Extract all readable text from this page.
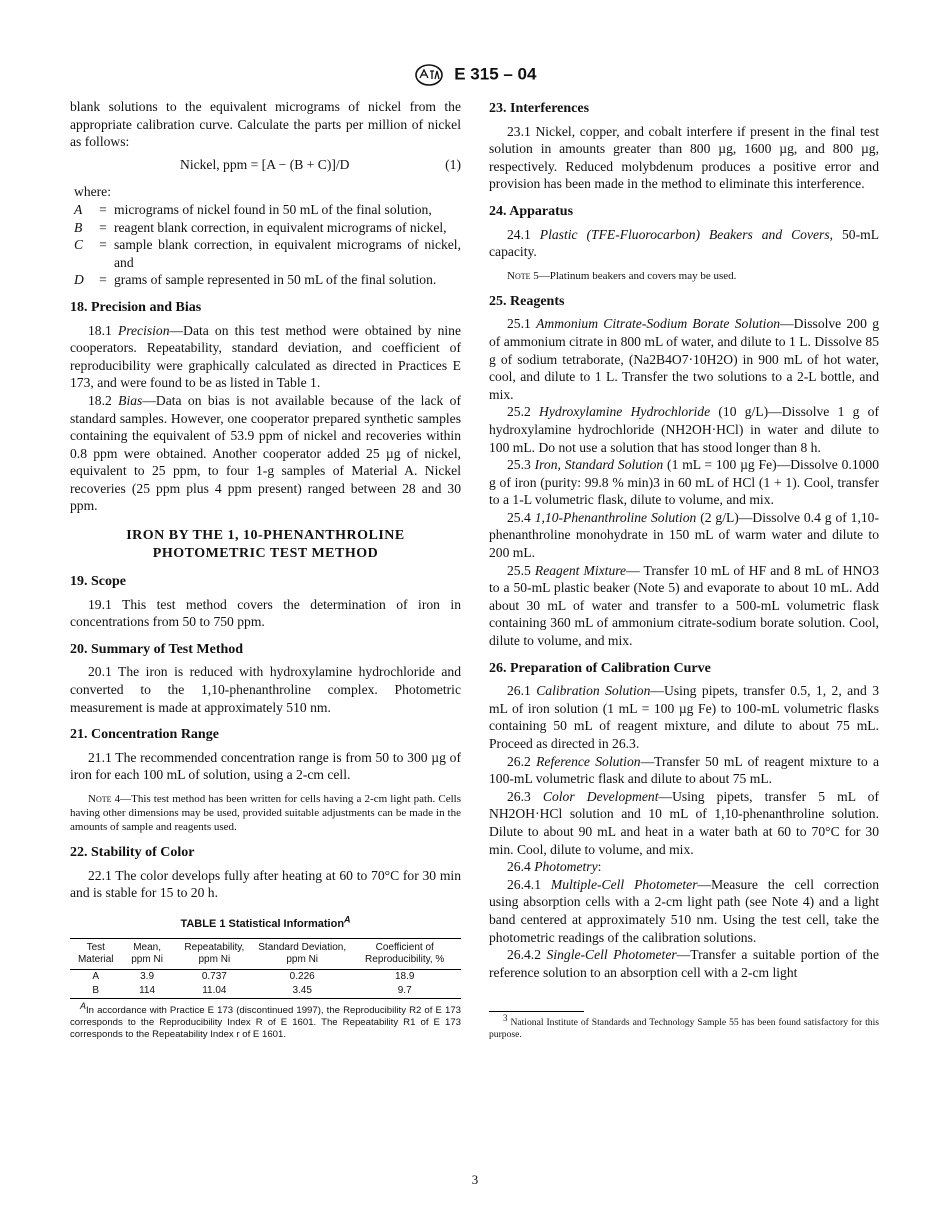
E 315 – 04

blank solutions to the equivalent micrograms of nickel from the appropriate calibration curve. Calculate the parts per million of nickel as follows:

Nickel, ppm = [A − (B + C)]/D	(1)
where:
A	= micrograms of nickel found in 50 mL of the final solution,
B	= reagent blank correction, in equivalent micrograms of nickel,
C	= sample blank correction, in equivalent micrograms of nickel, and
D	= grams of sample represented in 50 mL of the final solution.
18. Precision and Bias

18.1 Precision—Data on this test method were obtained by nine cooperators. Repeatability, standard deviation, and coefficient of reproducibility were graphically calculated as directed in Practices E 173, and were found to be as listed in Table 1.

18.2 Bias—Data on bias is not available because of the lack of standard samples. However, one cooperator prepared synthetic samples containing the equivalent of 53.9 ppm of nickel and recoveries within 0.8 ppm were obtained. Another cooperator added 25 µg of nickel, equivalent to 25 ppm, to four 1-g samples of Material A. Nickel recoveries (25 ppm plus 4 ppm present) ranged between 28 and 30 ppm.

IRON BY THE 1, 10-PHENANTHROLINE
PHOTOMETRIC TEST METHOD
19. Scope

19.1 This test method covers the determination of iron in concentrations from 50 to 750 ppm.

20. Summary of Test Method

20.1 The iron is reduced with hydroxylamine hydrochloride and converted to the 1,10-phenanthroline complex. Photometric measurement is made at approximately 510 nm.

21. Concentration Range

21.1 The recommended concentration range is from 50 to 300 µg of iron for each 100 mL of solution, using a 2-cm cell.

Note 4—This test method has been written for cells having a 2-cm light path. Cells having other dimensions may be used, provided suitable adjustments can be made in the amounts of sample and reagents used.
22. Stability of Color

22.1 The color develops fully after heating at 60 to 70°C for 30 min and is stable for 15 to 20 h.

TABLE 1 Statistical Information$^A$
Test Material	Mean, ppm Ni	Repeatability, ppm Ni	Standard Deviation, ppm Ni	Coefficient of Reproducibility, %
A	3.9	0.737	0.226	18.9
B	114	11.04	3.45	9.7
$^A$In accordance with Practice E 173 (discontinued 1997), the Reproducibility R2 of E 173 corresponds to the Reproducibility Index R of E 1601. The Repeatability R1 of E 173 corresponds to the Repeatability Index r of E 1601.
23. Interferences

23.1 Nickel, copper, and cobalt interfere if present in the final test solution in amounts greater than 800 µg, 1600 µg, and 800 µg, respectively. Reduced molybdenum produces a positive error and provision has been made in the method to eliminate this interference.

24. Apparatus

24.1 Plastic (TFE-Fluorocarbon) Beakers and Covers, 50-mL capacity.

Note 5—Platinum beakers and covers may be used.
25. Reagents

25.1 Ammonium Citrate-Sodium Borate Solution—Dissolve 200 g of ammonium citrate in 800 mL of water, and dilute to 1 L. Dissolve 85 g of sodium tetraborate, (Na2B4O7·10H2O) in 900 mL of hot water, cool, and dilute to 1 L. Transfer the two solutions to a 2-L bottle, and mix.

25.2 Hydroxylamine Hydrochloride (10 g/L)—Dissolve 1 g of hydroxylamine hydrochloride (NH2OH·HCl) in water and dilute to 100 mL. Do not use a solution that has stood longer than 8 h.

25.3 Iron, Standard Solution (1 mL = 100 µg Fe)—Dissolve 0.1000 g of iron (purity: 99.8 % min)3 in 60 mL of HCl (1 + 1). Cool, transfer to a 1-L volumetric flask, dilute to volume, and mix.

25.4 1,10-Phenanthroline Solution (2 g/L)—Dissolve 0.4 g of 1,10-phenanthroline monohydrate in 150 mL of warm water and dilute to 200 mL.

25.5 Reagent Mixture— Transfer 10 mL of HF and 8 mL of HNO3 to a 50-mL plastic beaker (Note 5) and evaporate to about 10 mL. Add about 30 mL of water and transfer to a 500-mL volumetric flask containing 360 mL of ammonium citrate-sodium borate solution. Cool, dilute to volume, and mix.

26. Preparation of Calibration Curve

26.1 Calibration Solution—Using pipets, transfer 0.5, 1, 2, and 3 mL of iron solution (1 mL = 100 µg Fe) to 100-mL volumetric flasks containing 50 mL of reagent mixture, and dilute to about 75 mL. Proceed as directed in 26.3.

26.2 Reference Solution—Transfer 50 mL of reagent mixture to a 100-mL volumetric flask and dilute to about 75 mL.

26.3 Color Development—Using pipets, transfer 5 mL of NH2OH·HCl solution and 10 mL of 1,10-phenanthroline solution. Dilute to about 90 mL and heat in a water bath at 60 to 70°C for 30 min. Cool, dilute to volume, and mix.

26.4 Photometry:

26.4.1 Multiple-Cell Photometer—Measure the cell correction using absorption cells with a 2-cm light path (see Note 4) and a light band centered at approximately 510 nm. Using the test cell, take the photometric readings of the calibration solutions.

26.4.2 Single-Cell Photometer—Transfer a suitable portion of the reference solution to an absorption cell with a 2-cm light

$^3$ National Institute of Standards and Technology Sample 55 has been found satisfactory for this purpose.
3
